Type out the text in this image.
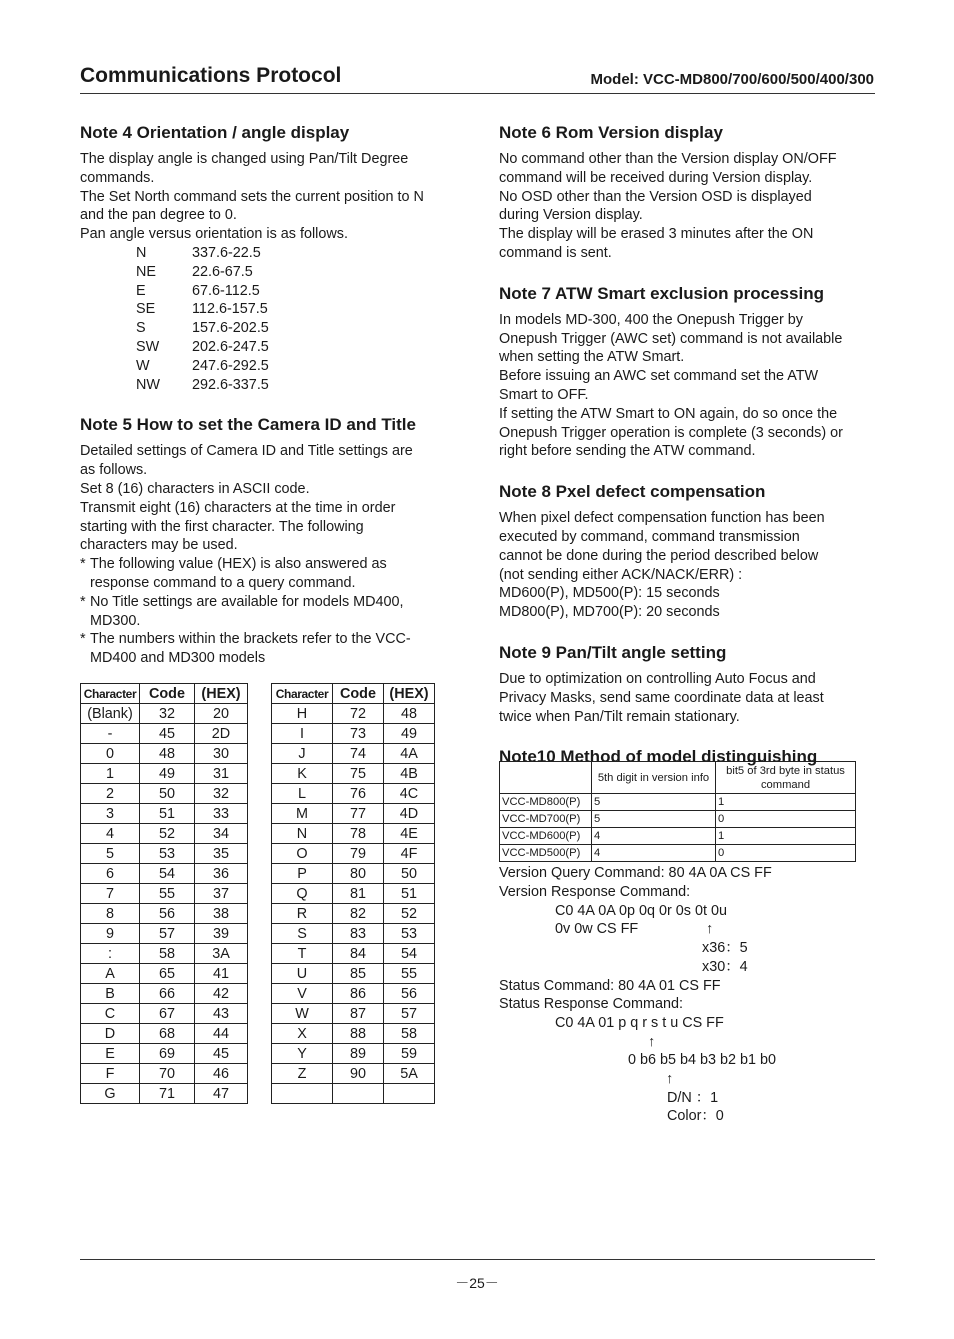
Communications Protocol	Model: VCC-MD800/700/600/500/400/300
Note 4 Orientation / angle display

The display angle is changed using Pan/Tilt Degree

commands.

The Set North command sets the current position to N

and the pan degree to 0.

Pan angle versus orientation is as follows.

N	337.6-22.5
NE	22.6-67.5
E	67.6-112.5
SE	112.6-157.5
S	157.6-202.5
SW	202.6-247.5
W	247.6-292.5
NW	292.6-337.5
Note 5 How to set the Camera ID and Title

Detailed settings of Camera ID and Title settings are

as follows.

Set 8 (16) characters in ASCII code.

Transmit eight (16) characters at the time in order

starting with the first character. The following

characters may be used.

* The following value (HEX) is also answered as
response command to a query command.
* No Title settings are available for models MD400,
MD300.
* The numbers within the brackets refer to the VCC-
MD400 and MD300 models
Character	Code	(HEX)
(Blank)	32	20
-	45	2D
0	48	30
1	49	31
2	50	32
3	51	33
4	52	34
5	53	35
6	54	36
7	55	37
8	56	38
9	57	39
:	58	3A
A	65	41
B	66	42
C	67	43
D	68	44
E	69	45
F	70	46
G	71	47
Character	Code	(HEX)
H	72	48
I	73	49
J	74	4A
K	75	4B
L	76	4C
M	77	4D
N	78	4E
O	79	4F
P	80	50
Q	81	51
R	82	52
S	83	53
T	84	54
U	85	55
V	86	56
W	87	57
X	88	58
Y	89	59
Z	90	5A

Note 6 Rom Version display

No command other than the Version display ON/OFF

command will be received during Version display.

No OSD other than the Version OSD is displayed

during Version display.

The display will be erased 3 minutes after the ON

command is sent.

Note 7 ATW Smart exclusion processing

In models MD-300, 400 the Onepush Trigger by

Onepush Trigger (AWC set) command is not available

when setting the ATW Smart.

Before issuing an AWC set command set the ATW

Smart to OFF.

If setting the ATW Smart to ON again, do so once the

Onepush Trigger operation is complete (3 seconds) or

right before sending the ATW command.

Note 8 Pxel defect compensation

When pixel defect compensation function has been

executed by command, command transmission

cannot be done during the period described below

(not sending either ACK/NACK/ERR) :

MD600(P), MD500(P): 15 seconds

MD800(P), MD700(P): 20 seconds

Note 9 Pan/Tilt angle setting

Due to optimization on controlling Auto Focus and

Privacy Masks, send same coordinate data at least

twice when Pan/Tilt remain stationary.

Note10 Method of model distinguishing
	5th digit in version info	bit5 of 3rd byte in status command
VCC-MD800(P)	5	1
VCC-MD700(P)	5	0
VCC-MD600(P)	4	1
VCC-MD500(P)	4	0
Version Query Command: 80 4A 0A CS FF
Version Response Command:
C0 4A 0A 0p 0q 0r 0s 0t 0u
0v 0w CS FF	↑
x36：5
x30：4
Status Command: 80 4A 01 CS FF
Status Response Command:
C0 4A 01 p q r s t u CS FF
↑
0 b6 b5 b4 b3 b2 b1 b0
↑
D/N ：1
Color：0
－25－
